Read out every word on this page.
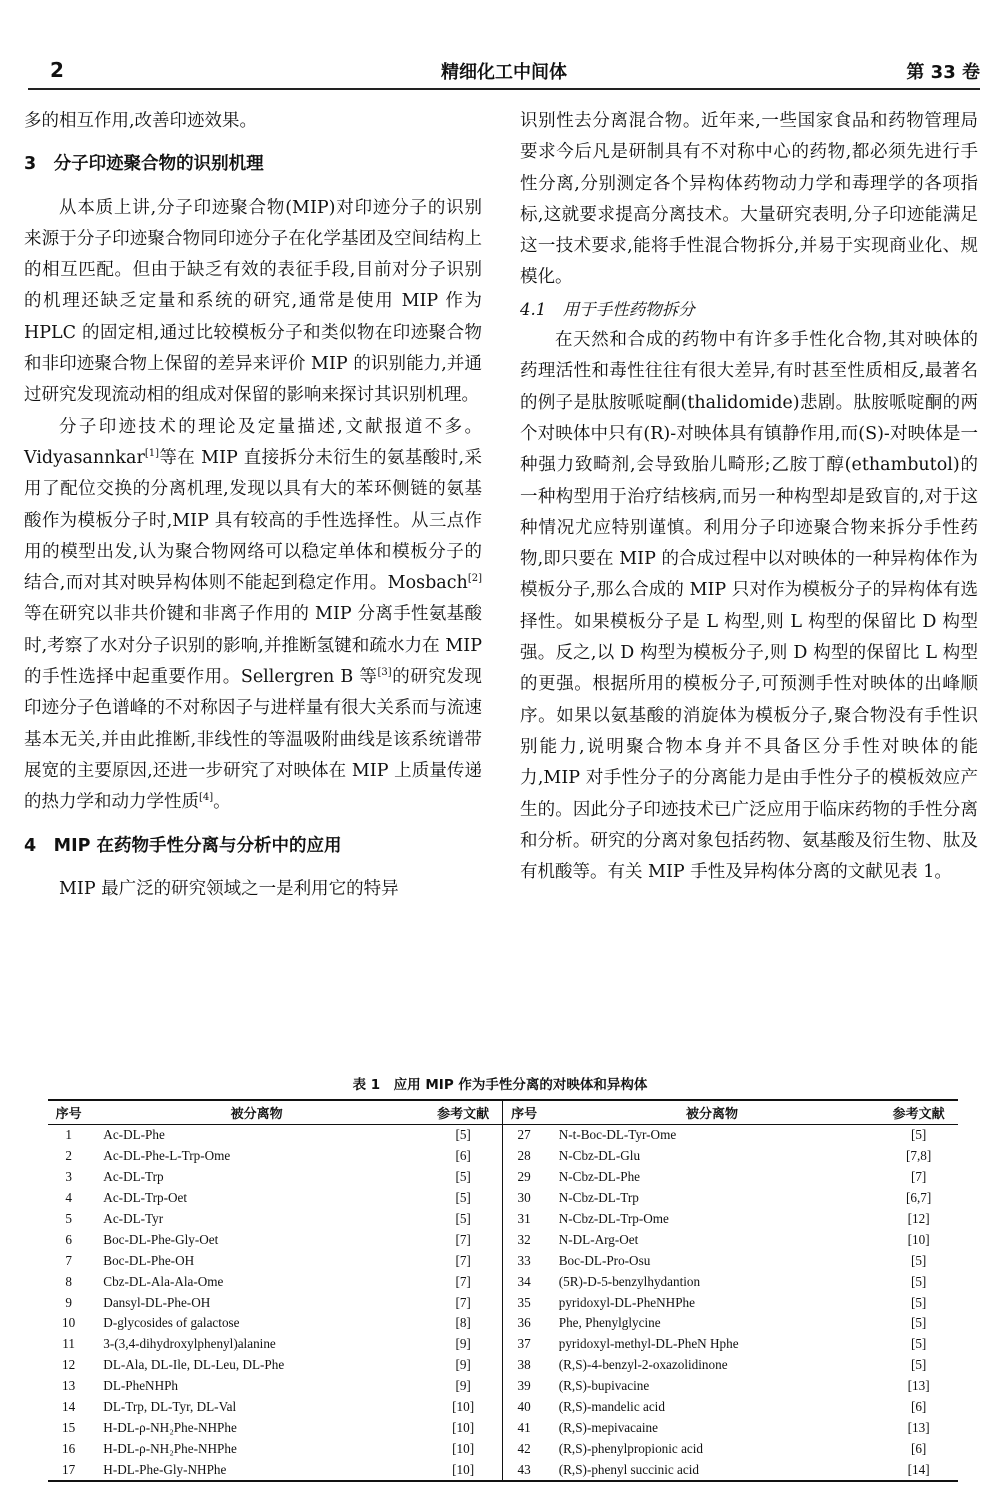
2	精细化工中间体	第 33 卷

多的相互作用,改善印迹效果。

3　分子印迹聚合物的识别机理

从本质上讲,分子印迹聚合物(MIP)对印迹分子的识别来源于分子印迹聚合物同印迹分子在化学基团及空间结构上的相互匹配。但由于缺乏有效的表征手段,目前对分子识别的机理还缺乏定量和系统的研究,通常是使用 MIP 作为 HPLC 的固定相,通过比较模板分子和类似物在印迹聚合物和非印迹聚合物上保留的差异来评价 MIP 的识别能力,并通过研究发现流动相的组成对保留的影响来探讨其识别机理。

分子印迹技术的理论及定量描述,文献报道不多。Vidyasannkar[1]等在 MIP 直接拆分未衍生的氨基酸时,采用了配位交换的分离机理,发现以具有大的苯环侧链的氨基酸作为模板分子时,MIP 具有较高的手性选择性。从三点作用的模型出发,认为聚合物网络可以稳定单体和模板分子的结合,而对其对映异构体则不能起到稳定作用。Mosbach[2]等在研究以非共价键和非离子作用的 MIP 分离手性氨基酸时,考察了水对分子识别的影响,并推断氢键和疏水力在 MIP 的手性选择中起重要作用。Sellergren B 等[3]的研究发现印迹分子色谱峰的不对称因子与进样量有很大关系而与流速基本无关,并由此推断,非线性的等温吸附曲线是该系统谱带展宽的主要原因,还进一步研究了对映体在 MIP 上质量传递的热力学和动力学性质[4]。

4　MIP 在药物手性分离与分析中的应用

MIP 最广泛的研究领域之一是利用它的特异

识别性去分离混合物。近年来,一些国家食品和药物管理局要求今后凡是研制具有不对称中心的药物,都必须先进行手性分离,分别测定各个异构体药物动力学和毒理学的各项指标,这就要求提高分离技术。大量研究表明,分子印迹能满足这一技术要求,能将手性混合物拆分,并易于实现商业化、规模化。

4.1　用于手性药物拆分

在天然和合成的药物中有许多手性化合物,其对映体的药理活性和毒性往往有很大差异,有时甚至性质相反,最著名的例子是肽胺哌啶酮(thalidomide)悲剧。肽胺哌啶酮的两个对映体中只有(R)-对映体具有镇静作用,而(S)-对映体是一种强力致畸剂,会导致胎儿畸形;乙胺丁醇(ethambutol)的一种构型用于治疗结核病,而另一种构型却是致盲的,对于这种情况尤应特别谨慎。利用分子印迹聚合物来拆分手性药物,即只要在 MIP 的合成过程中以对映体的一种异构体作为模板分子,那么合成的 MIP 只对作为模板分子的异构体有选择性。如果模板分子是 L 构型,则 L 构型的保留比 D 构型强。反之,以 D 构型为模板分子,则 D 构型的保留比 L 构型的更强。根据所用的模板分子,可预测手性对映体的出峰顺序。如果以氨基酸的消旋体为模板分子,聚合物没有手性识别能力,说明聚合物本身并不具备区分手性对映体的能力,MIP 对手性分子的分离能力是由手性分子的模板效应产生的。因此分子印迹技术已广泛应用于临床药物的手性分离和分析。研究的分离对象包括药物、氨基酸及衍生物、肽及有机酸等。有关 MIP 手性及异构体分离的文献见表 1。

表 1　应用 MIP 作为手性分离的对映体和异构体
序号	被分离物	参考文献	序号	被分离物	参考文献
1	Ac-DL-Phe	[5]	27	N-t-Boc-DL-Tyr-Ome	[5]
2	Ac-DL-Phe-L-Trp-Ome	[6]	28	N-Cbz-DL-Glu	[7,8]
3	Ac-DL-Trp	[5]	29	N-Cbz-DL-Phe	[7]
4	Ac-DL-Trp-Oet	[5]	30	N-Cbz-DL-Trp	[6,7]
5	Ac-DL-Tyr	[5]	31	N-Cbz-DL-Trp-Ome	[12]
6	Boc-DL-Phe-Gly-Oet	[7]	32	N-DL-Arg-Oet	[10]
7	Boc-DL-Phe-OH	[7]	33	Boc-DL-Pro-Osu	[5]
8	Cbz-DL-Ala-Ala-Ome	[7]	34	(5R)-D-5-benzylhydantion	[5]
9	Dansyl-DL-Phe-OH	[7]	35	pyridoxyl-DL-PheNHPhe	[5]
10	D-glycosides of galactose	[8]	36	Phe, Phenylglycine	[5]
11	3-(3,4-dihydroxylphenyl)alanine	[9]	37	pyridoxyl-methyl-DL-PheN Hphe	[5]
12	DL-Ala, DL-Ile, DL-Leu, DL-Phe	[9]	38	(R,S)-4-benzyl-2-oxazolidinone	[5]
13	DL-PheNHPh	[9]	39	(R,S)-bupivacine	[13]
14	DL-Trp, DL-Tyr, DL-Val	[10]	40	(R,S)-mandelic acid	[6]
15	H-DL-ρ-NH₂Phe-NHPhe	[10]	41	(R,S)-mepivacaine	[13]
16	H-DL-ρ-NH₂Phe-NHPhe	[10]	42	(R,S)-phenylpropionic acid	[6]
17	H-DL-Phe-Gly-NHPhe	[10]	43	(R,S)-phenyl succinic acid	[14]
